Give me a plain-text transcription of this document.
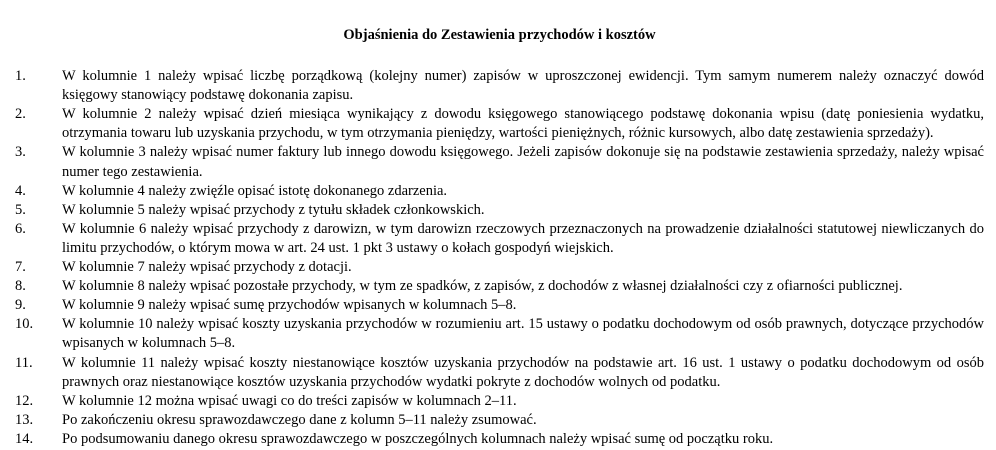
Objaśnienia do Zestawienia przychodów i kosztów
1. W kolumnie 1 należy wpisać liczbę porządkową (kolejny numer) zapisów w uproszczonej ewidencji. Tym samym numerem należy oznaczyć dowód księgowy stanowiący podstawę dokonania zapisu.
2. W kolumnie 2 należy wpisać dzień miesiąca wynikający z dowodu księgowego stanowiącego podstawę dokonania wpisu (datę poniesienia wydatku, otrzymania towaru lub uzyskania przychodu, w tym otrzymania pieniędzy, wartości pieniężnych, różnic kursowych, albo datę zestawienia sprzedaży).
3. W kolumnie 3 należy wpisać numer faktury lub innego dowodu księgowego. Jeżeli zapisów dokonuje się na podstawie zestawienia sprzedaży, należy wpisać numer tego zestawienia.
4. W kolumnie 4 należy zwięźle opisać istotę dokonanego zdarzenia.
5. W kolumnie 5 należy wpisać przychody z tytułu składek członkowskich.
6. W kolumnie 6 należy wpisać przychody z darowizn, w tym darowizn rzeczowych przeznaczonych na prowadzenie działalności statutowej niewliczanych do limitu przychodów, o którym mowa w art. 24 ust. 1 pkt 3 ustawy o kołach gospodyń wiejskich.
7. W kolumnie 7 należy wpisać przychody z dotacji.
8. W kolumnie 8 należy wpisać pozostałe przychody, w tym ze spadków, z zapisów, z dochodów z własnej działalności czy z ofiarności publicznej.
9. W kolumnie 9 należy wpisać sumę przychodów wpisanych w kolumnach 5–8.
10. W kolumnie 10 należy wpisać koszty uzyskania przychodów w rozumieniu art. 15 ustawy o podatku dochodowym od osób prawnych, dotyczące przychodów wpisanych w kolumnach 5–8.
11. W kolumnie 11 należy wpisać koszty niestanowiące kosztów uzyskania przychodów na podstawie art. 16 ust. 1 ustawy o podatku dochodowym od osób prawnych oraz niestanowiące kosztów uzyskania przychodów wydatki pokryte z dochodów wolnych od podatku.
12. W kolumnie 12 można wpisać uwagi co do treści zapisów w kolumnach 2–11.
13. Po zakończeniu okresu sprawozdawczego dane z kolumn 5–11 należy zsumować.
14. Po podsumowaniu danego okresu sprawozdawczego w poszczególnych kolumnach należy wpisać sumę od początku roku.
